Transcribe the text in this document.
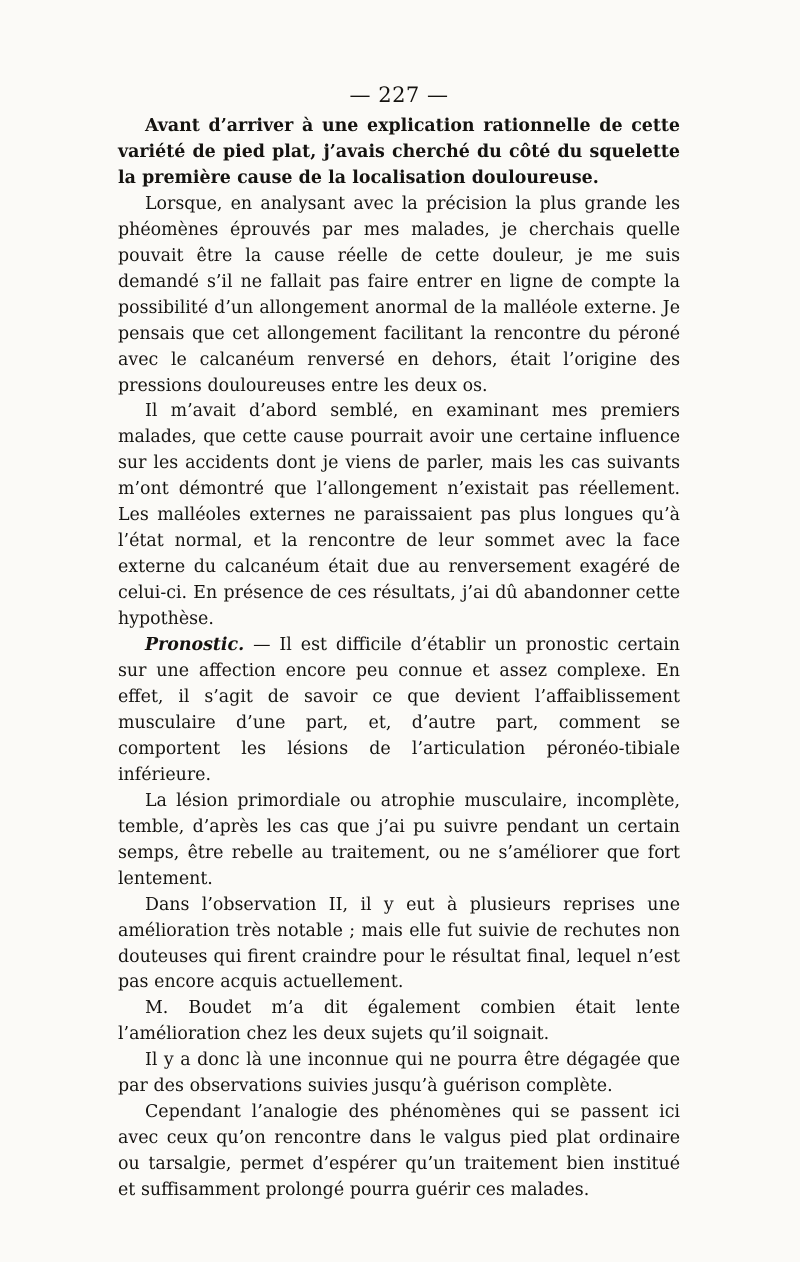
— 227 —

Avant d’arriver à une explication rationnelle de cette variété de pied plat, j’avais cherché du côté du squelette la première cause de la localisation douloureuse.

Lorsque, en analysant avec la précision la plus grande les phéomènes éprouvés par mes malades, je cherchais quelle pouvait être la cause réelle de cette douleur, je me suis demandé s’il ne fallait pas faire entrer en ligne de compte la possibilité d’un allongement anormal de la malléole externe. Je pensais que cet allongement facilitant la rencontre du péroné avec le calcanéum renversé en dehors, était l’origine des pressions douloureuses entre les deux os.

Il m’avait d’abord semblé, en examinant mes premiers malades, que cette cause pourrait avoir une certaine influence sur les accidents dont je viens de parler, mais les cas suivants m’ont démontré que l’allongement n’existait pas réellement. Les malléoles externes ne paraissaient pas plus longues qu’à l’état normal, et la rencontre de leur sommet avec la face externe du calcanéum était due au renversement exagéré de celui-ci. En présence de ces résultats, j’ai dû abandonner cette hypothèse.

Pronostic. — Il est difficile d’établir un pronostic certain sur une affection encore peu connue et assez complexe. En effet, il s’agit de savoir ce que devient l’affaiblissement musculaire d’une part, et, d’autre part, comment se comportent les lésions de l’articulation péronéo-tibiale inférieure.

La lésion primordiale ou atrophie musculaire, incomplète, temble, d’après les cas que j’ai pu suivre pendant un certain semps, être rebelle au traitement, ou ne s’améliorer que fort lentement.

Dans l’observation II, il y eut à plusieurs reprises une amélioration très notable ; mais elle fut suivie de rechutes non douteuses qui firent craindre pour le résultat final, lequel n’est pas encore acquis actuellement.

M. Boudet m’a dit également combien était lente l’amélioration chez les deux sujets qu’il soignait.

Il y a donc là une inconnue qui ne pourra être dégagée que par des observations suivies jusqu’à guérison complète.

Cependant l’analogie des phénomènes qui se passent ici avec ceux qu’on rencontre dans le valgus pied plat ordinaire ou tarsalgie, permet d’espérer qu’un traitement bien institué et suffisamment prolongé pourra guérir ces malades.
